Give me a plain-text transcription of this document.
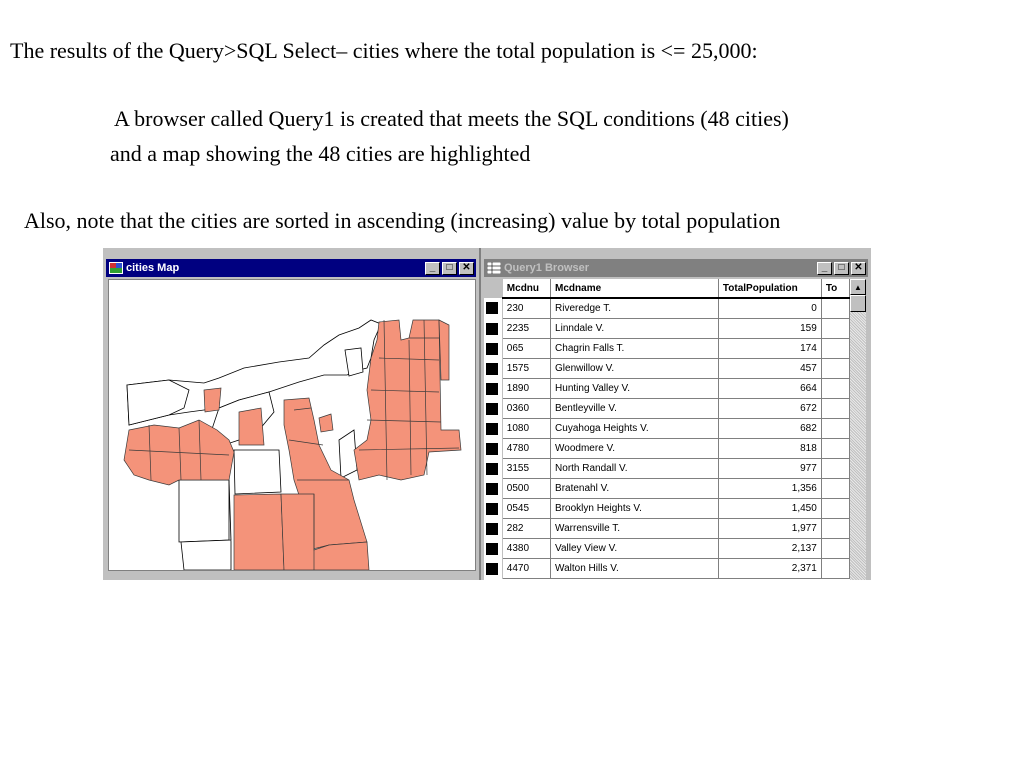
The results of the Query>SQL Select– cities where the total population is <= 25,000:
A browser called Query1 is created that meets the SQL conditions (48 cities)
and a map showing the 48 cities are highlighted
Also, note that the cities are sorted in ascending (increasing) value by total population
cities Map	_ □ ✕	Query1 Browser	_ □ ✕
	Mcdnu	Mcdname	TotalPopulation	To

	230	Riveredge T.	0	

	2235	Linndale V.	159	

	065	Chagrin Falls T.	174	

	1575	Glenwillow V.	457	

	1890	Hunting Valley V.	664	

	0360	Bentleyville V.	672	

	1080	Cuyahoga Heights V.	682	

	4780	Woodmere V.	818	

	3155	North Randall V.	977	

	0500	Bratenahl V.	1,356	

	0545	Brooklyn Heights V.	1,450	

	282	Warrensville T.	1,977	

	4380	Valley View V.	2,137	

	4470	Walton Hills V.	2,371	
▲
